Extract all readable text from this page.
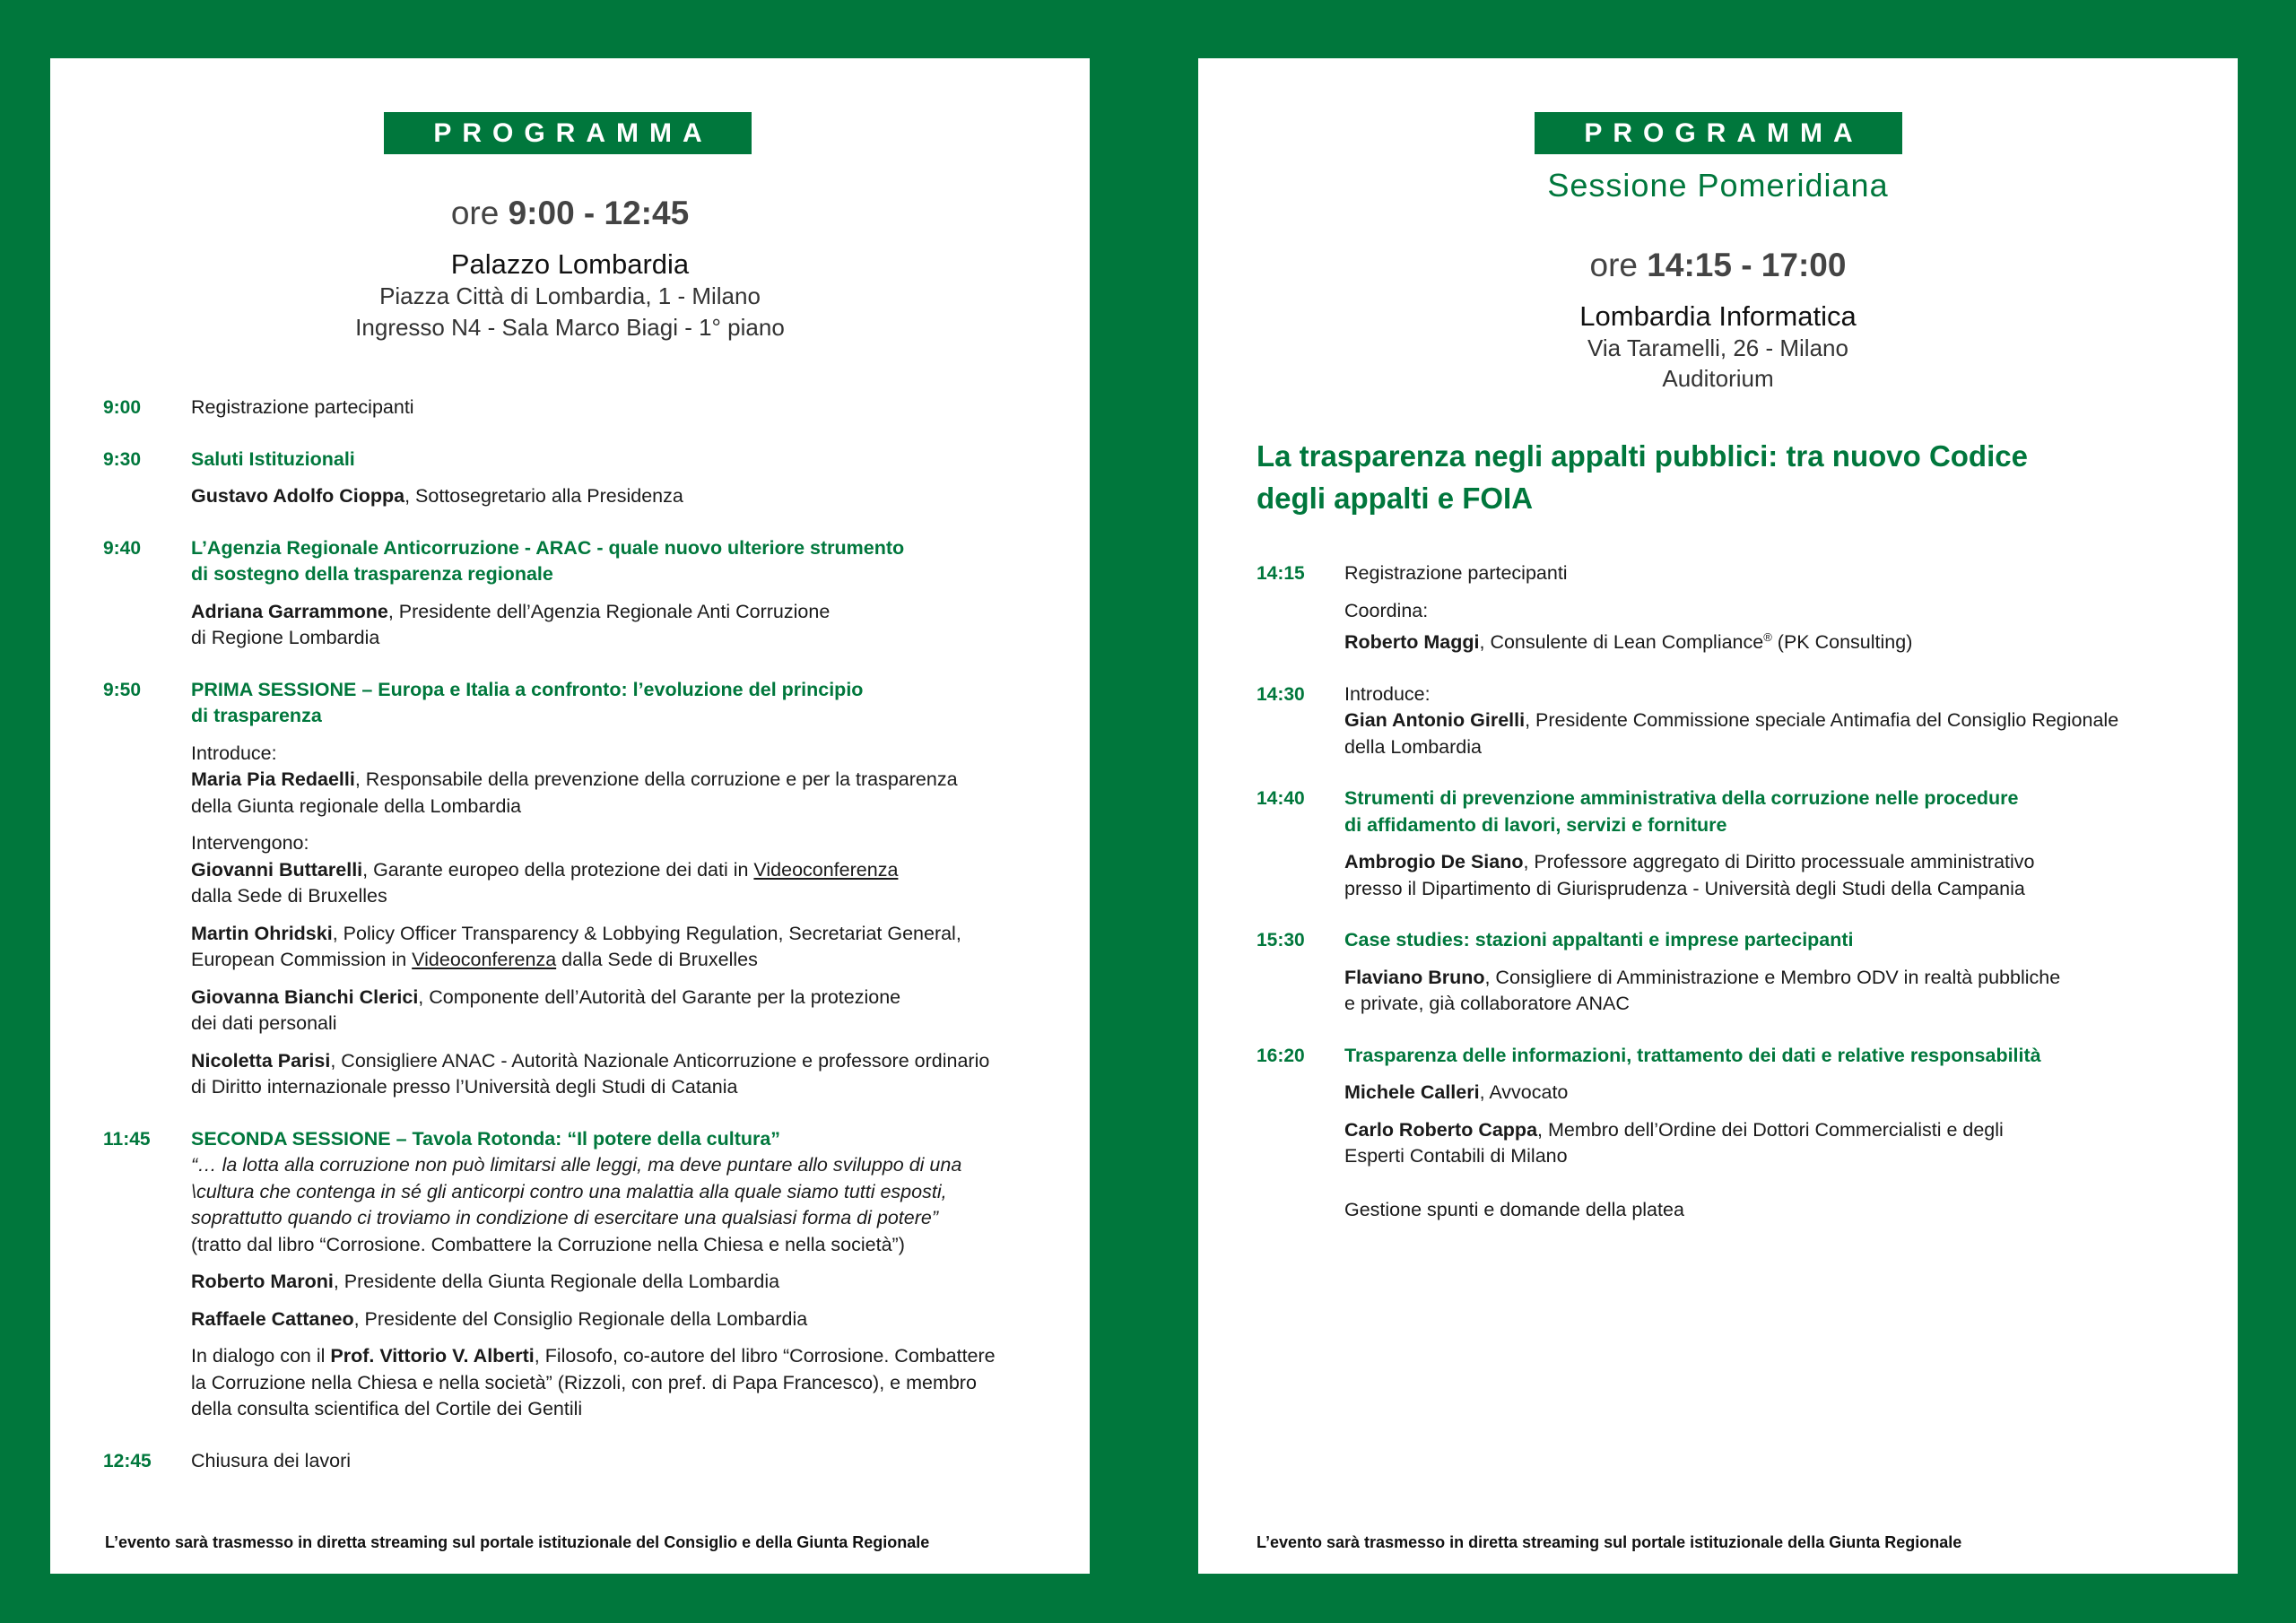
PROGRAMMA
ore 9:00 - 12:45
Palazzo Lombardia
Piazza Città di Lombardia, 1 - Milano
Ingresso N4 - Sala Marco Biagi - 1° piano
9:00	Registrazione partecipanti
9:30	Saluti Istituzionali
Gustavo Adolfo Cioppa, Sottosegretario alla Presidenza
9:40	L’Agenzia Regionale Anticorruzione - ARAC - quale nuovo ulteriore strumento
di sostegno della trasparenza regionale
Adriana Garrammone, Presidente dell’Agenzia Regionale Anti Corruzione
di Regione Lombardia
9:50	PRIMA SESSIONE – Europa e Italia a confronto: l’evoluzione del principio
di trasparenza
Introduce:
Maria Pia Redaelli, Responsabile della prevenzione della corruzione e per la trasparenza
della Giunta regionale della Lombardia
Intervengono:
Giovanni Buttarelli, Garante europeo della protezione dei dati in Videoconferenza
dalla Sede di Bruxelles
Martin Ohridski, Policy Officer Transparency & Lobbying Regulation, Secretariat General,
European Commission in Videoconferenza dalla Sede di Bruxelles
Giovanna Bianchi Clerici, Componente dell’Autorità del Garante per la protezione
dei dati personali
Nicoletta Parisi, Consigliere ANAC - Autorità Nazionale Anticorruzione e professore ordinario
di Diritto internazionale presso l’Università degli Studi di Catania
11:45	SECONDA SESSIONE – Tavola Rotonda: “Il potere della cultura”
“… la lotta alla corruzione non può limitarsi alle leggi, ma deve puntare allo sviluppo di una
\cultura che contenga in sé gli anticorpi contro una malattia alla quale siamo tutti esposti,
soprattutto quando ci troviamo in condizione di esercitare una qualsiasi forma di potere”
(tratto dal libro “Corrosione. Combattere la Corruzione nella Chiesa e nella società”)
Roberto Maroni, Presidente della Giunta Regionale della Lombardia
Raffaele Cattaneo, Presidente del Consiglio Regionale della Lombardia
In dialogo con il Prof. Vittorio V. Alberti, Filosofo, co-autore del libro “Corrosione. Combattere
la Corruzione nella Chiesa e nella società” (Rizzoli, con pref. di Papa Francesco), e membro
della consulta scientifica del Cortile dei Gentili
12:45	Chiusura dei lavori
L’evento sarà trasmesso in diretta streaming sul portale istituzionale del Consiglio e della Giunta Regionale
PROGRAMMA
Sessione Pomeridiana
ore 14:15 - 17:00
Lombardia Informatica
Via Taramelli, 26 - Milano
Auditorium
La trasparenza negli appalti pubblici: tra nuovo Codice
degli appalti e FOIA
14:15	Registrazione partecipanti
Coordina:
Roberto Maggi, Consulente di Lean Compliance® (PK Consulting)
14:30	Introduce:
Gian Antonio Girelli, Presidente Commissione speciale Antimafia del Consiglio Regionale
della Lombardia
14:40	Strumenti di prevenzione amministrativa della corruzione nelle procedure
di affidamento di lavori, servizi e forniture
Ambrogio De Siano, Professore aggregato di Diritto processuale amministrativo
presso il Dipartimento di Giurisprudenza - Università degli Studi della Campania
15:30	Case studies: stazioni appaltanti e imprese partecipanti
Flaviano Bruno, Consigliere di Amministrazione e Membro ODV in realtà pubbliche
e private, già collaboratore ANAC
16:20	Trasparenza delle informazioni, trattamento dei dati e relative responsabilità
Michele Calleri, Avvocato
Carlo Roberto Cappa, Membro dell’Ordine dei Dottori Commercialisti e degli
Esperti Contabili di Milano
Gestione spunti e domande della platea
L’evento sarà trasmesso in diretta streaming sul portale istituzionale della Giunta Regionale
